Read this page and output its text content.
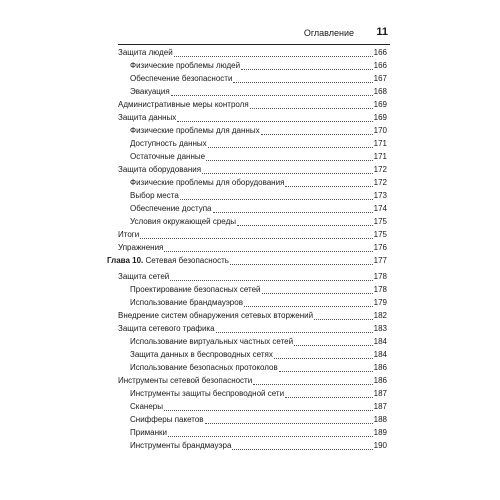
Оглавление 11
Защита людей	166
Физические проблемы людей	166
Обеспечение безопасности	167
Эвакуация	168
Административные меры контроля	169
Защита данных	169
Физические проблемы для данных	170
Доступность данных	171
Остаточные данные	171
Защита оборудования	172
Физические проблемы для оборудования	172
Выбор места	173
Обеспечение доступа	174
Условия окружающей среды	175
Итоги	175
Упражнения	176
Глава 10. Сетевая безопасность	177
Защита сетей	178
Проектирование безопасных сетей	178
Использование брандмауэров	179
Внедрение систем обнаружения сетевых вторжений	182
Защита сетевого трафика	183
Использование виртуальных частных сетей	184
Защита данных в беспроводных сетях	184
Использование безопасных протоколов	186
Инструменты сетевой безопасности	186
Инструменты защиты беспроводной сети	187
Сканеры	187
Снифферы пакетов	188
Приманки	189
Инструменты брандмауэра	190
